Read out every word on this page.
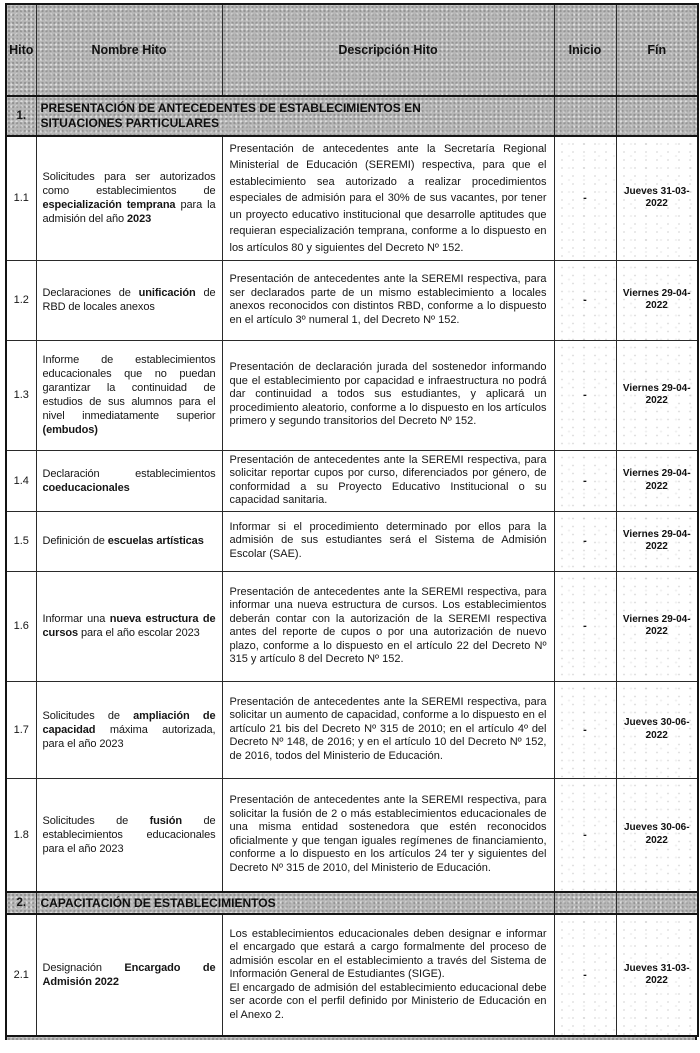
Hito	Nombre Hito	Descripción Hito	Inicio	Fín
1.	PRESENTACIÓN DE ANTECEDENTES DE ESTABLECIMIENTOS EN SITUACIONES PARTICULARES			

1.1	Solicitudes para ser autorizados como establecimientos de especialización temprana para la admisión del año 2023	Presentación de antecedentes ante la Secretaría Regional Ministerial de Educación (SEREMI) respectiva, para que el establecimiento sea autorizado a realizar procedimientos especiales de admisión para el 30% de sus vacantes, por tener un proyecto educativo institucional que desarrolle aptitudes que requieran especialización temprana, conforme a lo dispuesto en los artículos 80 y siguientes del Decreto Nº 152.	-	Jueves 31-03-2022
1.2	Declaraciones de unificación de RBD de locales anexos	Presentación de antecedentes ante la SEREMI respectiva, para ser declarados parte de un mismo establecimiento a locales anexos reconocidos con distintos RBD, conforme a lo dispuesto en el artículo 3º numeral 1, del Decreto Nº 152.	-	Viernes 29-04-2022
1.3	Informe de establecimientos educacionales que no puedan garantizar la continuidad de estudios de sus alumnos para el nivel inmediatamente superior (embudos)	Presentación de declaración jurada del sostenedor informando que el establecimiento por capacidad e infraestructura no podrá dar continuidad a todos sus estudiantes, y aplicará un procedimiento aleatorio, conforme a lo dispuesto en los artículos primero y segundo transitorios del Decreto Nº 152.	-	Viernes 29-04-2022
1.4	Declaración establecimientos coeducacionales	Presentación de antecedentes ante la SEREMI respectiva, para solicitar reportar cupos por curso, diferenciados por género, de conformidad a su Proyecto Educativo Institucional o su capacidad sanitaria.	-	Viernes 29-04-2022
1.5	Definición de escuelas artísticas	Informar si el procedimiento determinado por ellos para la admisión de sus estudiantes será el Sistema de Admisión Escolar (SAE).	-	Viernes 29-04-2022
1.6	Informar una nueva estructura de cursos para el año escolar 2023	Presentación de antecedentes ante la SEREMI respectiva, para informar una nueva estructura de cursos. Los establecimientos deberán contar con la autorización de la SEREMI respectiva antes del reporte de cupos o por una autorización de nuevo plazo, conforme a lo dispuesto en el artículo 22 del Decreto Nº 315 y artículo 8 del Decreto Nº 152.	-	Viernes 29-04-2022
1.7	Solicitudes de ampliación de capacidad máxima autorizada, para el año 2023	Presentación de antecedentes ante la SEREMI respectiva, para solicitar un aumento de capacidad, conforme a lo dispuesto en el artículo 21 bis del Decreto Nº 315 de 2010; en el artículo 4º del Decreto Nº 148, de 2016; y en el artículo 10 del Decreto Nº 152, de 2016, todos del Ministerio de Educación.	-	Jueves 30-06-2022
1.8	Solicitudes de fusión de establecimientos educacionales para el año 2023	Presentación de antecedentes ante la SEREMI respectiva, para solicitar la fusión de 2 o más establecimientos educacionales de una misma entidad sostenedora que estén reconocidos oficialmente y que tengan iguales regímenes de financiamiento, conforme a lo dispuesto en los artículos 24 ter y siguientes del Decreto Nº 315 de 2010, del Ministerio de Educación.	-	Jueves 30-06-2022
2.	CAPACITACIÓN DE ESTABLECIMIENTOS			

2.1	Designación Encargado de Admisión 2022	Los establecimientos educacionales deben designar e informar el encargado que estará a cargo formalmente del proceso de admisión escolar en el establecimiento a través del Sistema de Información General de Estudiantes (SIGE).
El encargado de admisión del establecimiento educacional debe ser acorde con el perfil definido por Ministerio de Educación en el Anexo 2.	-	Jueves 31-03-2022
